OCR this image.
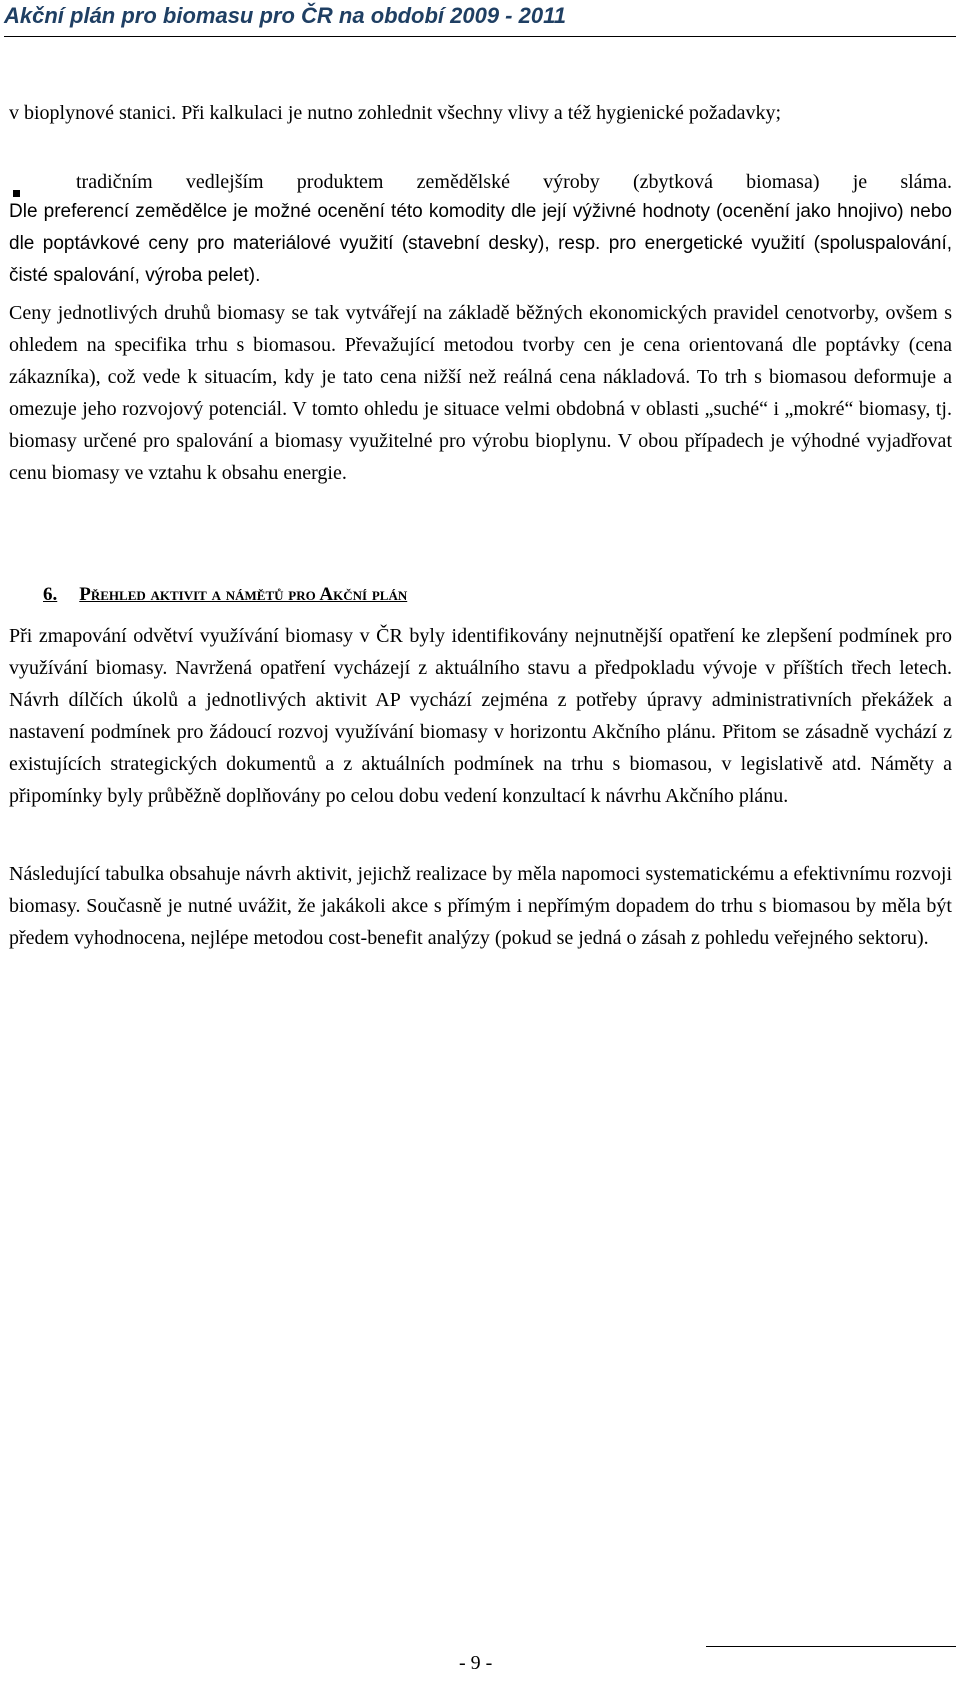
Akční plán pro biomasu pro ČR na období 2009 - 2011

v bioplynové stanici. Při kalkulaci je nutno zohlednit všechny vlivy a též hygienické požadavky;

tradičním vedlejším produktem zemědělské výroby (zbytková biomasa) je sláma.

Dle preferencí zemědělce je možné ocenění této komodity dle její výživné hodnoty (ocenění jako hnojivo) nebo dle poptávkové ceny pro materiálové využití (stavební desky), resp. pro energetické využití (spoluspalování, čisté spalování, výroba pelet).

Ceny jednotlivých druhů biomasy se tak vytvářejí na základě běžných ekonomických pravidel cenotvorby, ovšem s ohledem na specifika trhu s biomasou. Převažující metodou tvorby cen je cena orientovaná dle poptávky (cena zákazníka), což vede k situacím, kdy je tato cena nižší než reálná cena nákladová. To trh s biomasou deformuje a omezuje jeho rozvojový potenciál. V tomto ohledu je situace velmi obdobná v oblasti „suché“ i „mokré“ biomasy, tj. biomasy určené pro spalování a biomasy využitelné pro výrobu bioplynu. V obou případech je výhodné vyjadřovat cenu biomasy ve vztahu k obsahu energie.

6. Přehled aktivit a námětů pro Akční plán

Při zmapování odvětví využívání biomasy v ČR byly identifikovány nejnutnější opatření ke zlepšení podmínek pro využívání biomasy. Navržená opatření vycházejí z aktuálního stavu a předpokladu vývoje v příštích třech letech. Návrh dílčích úkolů a jednotlivých aktivit AP vychází zejména z potřeby úpravy administrativních překážek a nastavení podmínek pro žádoucí rozvoj využívání biomasy v horizontu Akčního plánu. Přitom se zásadně vychází z existujících strategických dokumentů a z aktuálních podmínek na trhu s biomasou, v legislativě atd. Náměty a připomínky byly průběžně doplňovány po celou dobu vedení konzultací k návrhu Akčního plánu.

Následující tabulka obsahuje návrh aktivit, jejichž realizace by měla napomoci systematickému a efektivnímu rozvoji biomasy. Současně je nutné uvážit, že jakákoli akce s přímým i nepřímým dopadem do trhu s biomasou by měla být předem vyhodnocena, nejlépe metodou cost-benefit analýzy (pokud se jedná o zásah z pohledu veřejného sektoru).

- 9 -
